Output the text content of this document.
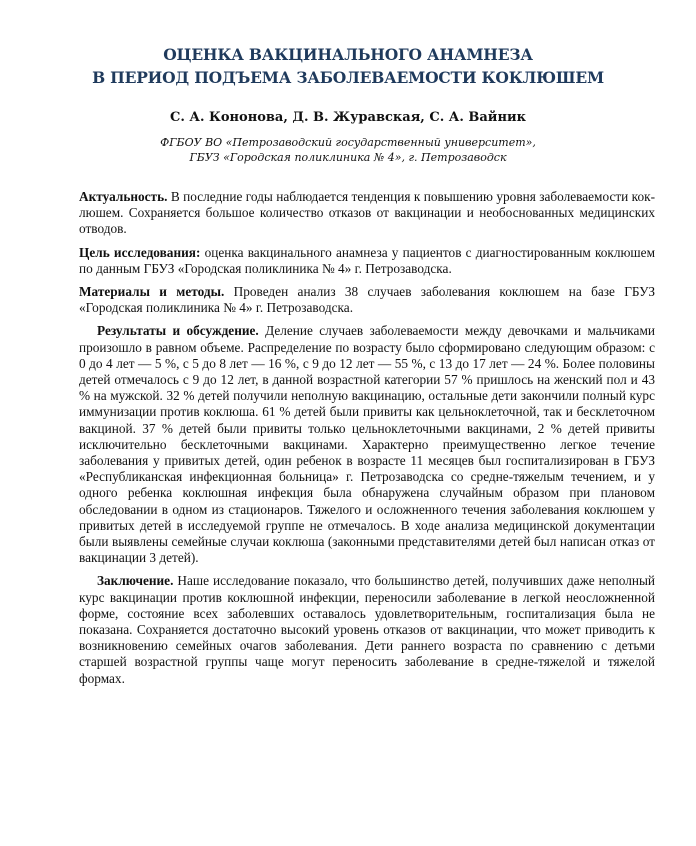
ОЦЕНКА ВАКЦИНАЛЬНОГО АНАМНЕЗА
В ПЕРИОД ПОДЪЕМА ЗАБОЛЕВАЕМОСТИ КОКЛЮШЕМ
С. А. Кононова, Д. В. Журавская, С. А. Вайник
ФГБОУ ВО «Петрозаводский государственный университет»,
ГБУЗ «Городская поликлиника № 4», г. Петрозаводск

Актуальность. В последние годы наблюдается тенденция к повышению уровня заболеваемости коклюшем. Сохраняется большое количество отказов от вакцинации и необоснованных медицинских отводов.

Цель исследования: оценка вакцинального анамнеза у пациентов с диагностированным коклюшем по данным ГБУЗ «Городская поликлиника № 4» г. Петрозаводска.

Материалы и методы. Проведен анализ 38 случаев заболевания коклюшем на базе ГБУЗ «Городская поликлиника № 4» г. Петрозаводска.

Результаты и обсуждение. Деление случаев заболеваемости между девочками и мальчиками произошло в равном объеме. Распределение по возрасту было сформировано следующим образом: с 0 до 4 лет — 5 %, с 5 до 8 лет — 16 %, с 9 до 12 лет — 55 %, с 13 до 17 лет — 24 %. Более половины детей отмечалось с 9 до 12 лет, в данной возрастной категории 57 % пришлось на женский пол и 43 % на мужской. 32 % детей получили неполную вакцинацию, остальные дети закончили полный курс иммунизации против коклюша. 61 % детей были привиты как цельноклеточной, так и бесклеточном вакциной. 37 % детей были привиты только цельноклеточными вакцинами, 2 % детей привиты исключительно бесклеточными вакцинами. Характерно преимущественно легкое течение заболевания у привитых детей, один ребенок в возрасте 11 месяцев был госпитализирован в ГБУЗ «Республиканская инфекционная больница» г. Петрозаводска со средне-тяжелым течением, и у одного ребенка коклюшная инфекция была обнаружена случайным образом при плановом обследовании в одном из стационаров. Тяжелого и осложненного течения заболевания коклюшем у привитых детей в исследуемой группе не отмечалось. В ходе анализа медицинской документации были выявлены семейные случаи коклюша (законными представителями детей был написан отказ от вакцинации 3 детей).

Заключение. Наше исследование показало, что большинство детей, получивших даже неполный курс вакцинации против коклюшной инфекции, переносили заболевание в легкой неосложненной форме, состояние всех заболевших оставалось удовлетворительным, госпитализация была не показана. Сохраняется достаточно высокий уровень отказов от вакцинации, что может приводить к возникновению семейных очагов заболевания. Дети раннего возраста по сравнению с детьми старшей возрастной группы чаще могут переносить заболевание в средне-тяжелой и тяжелой формах.
